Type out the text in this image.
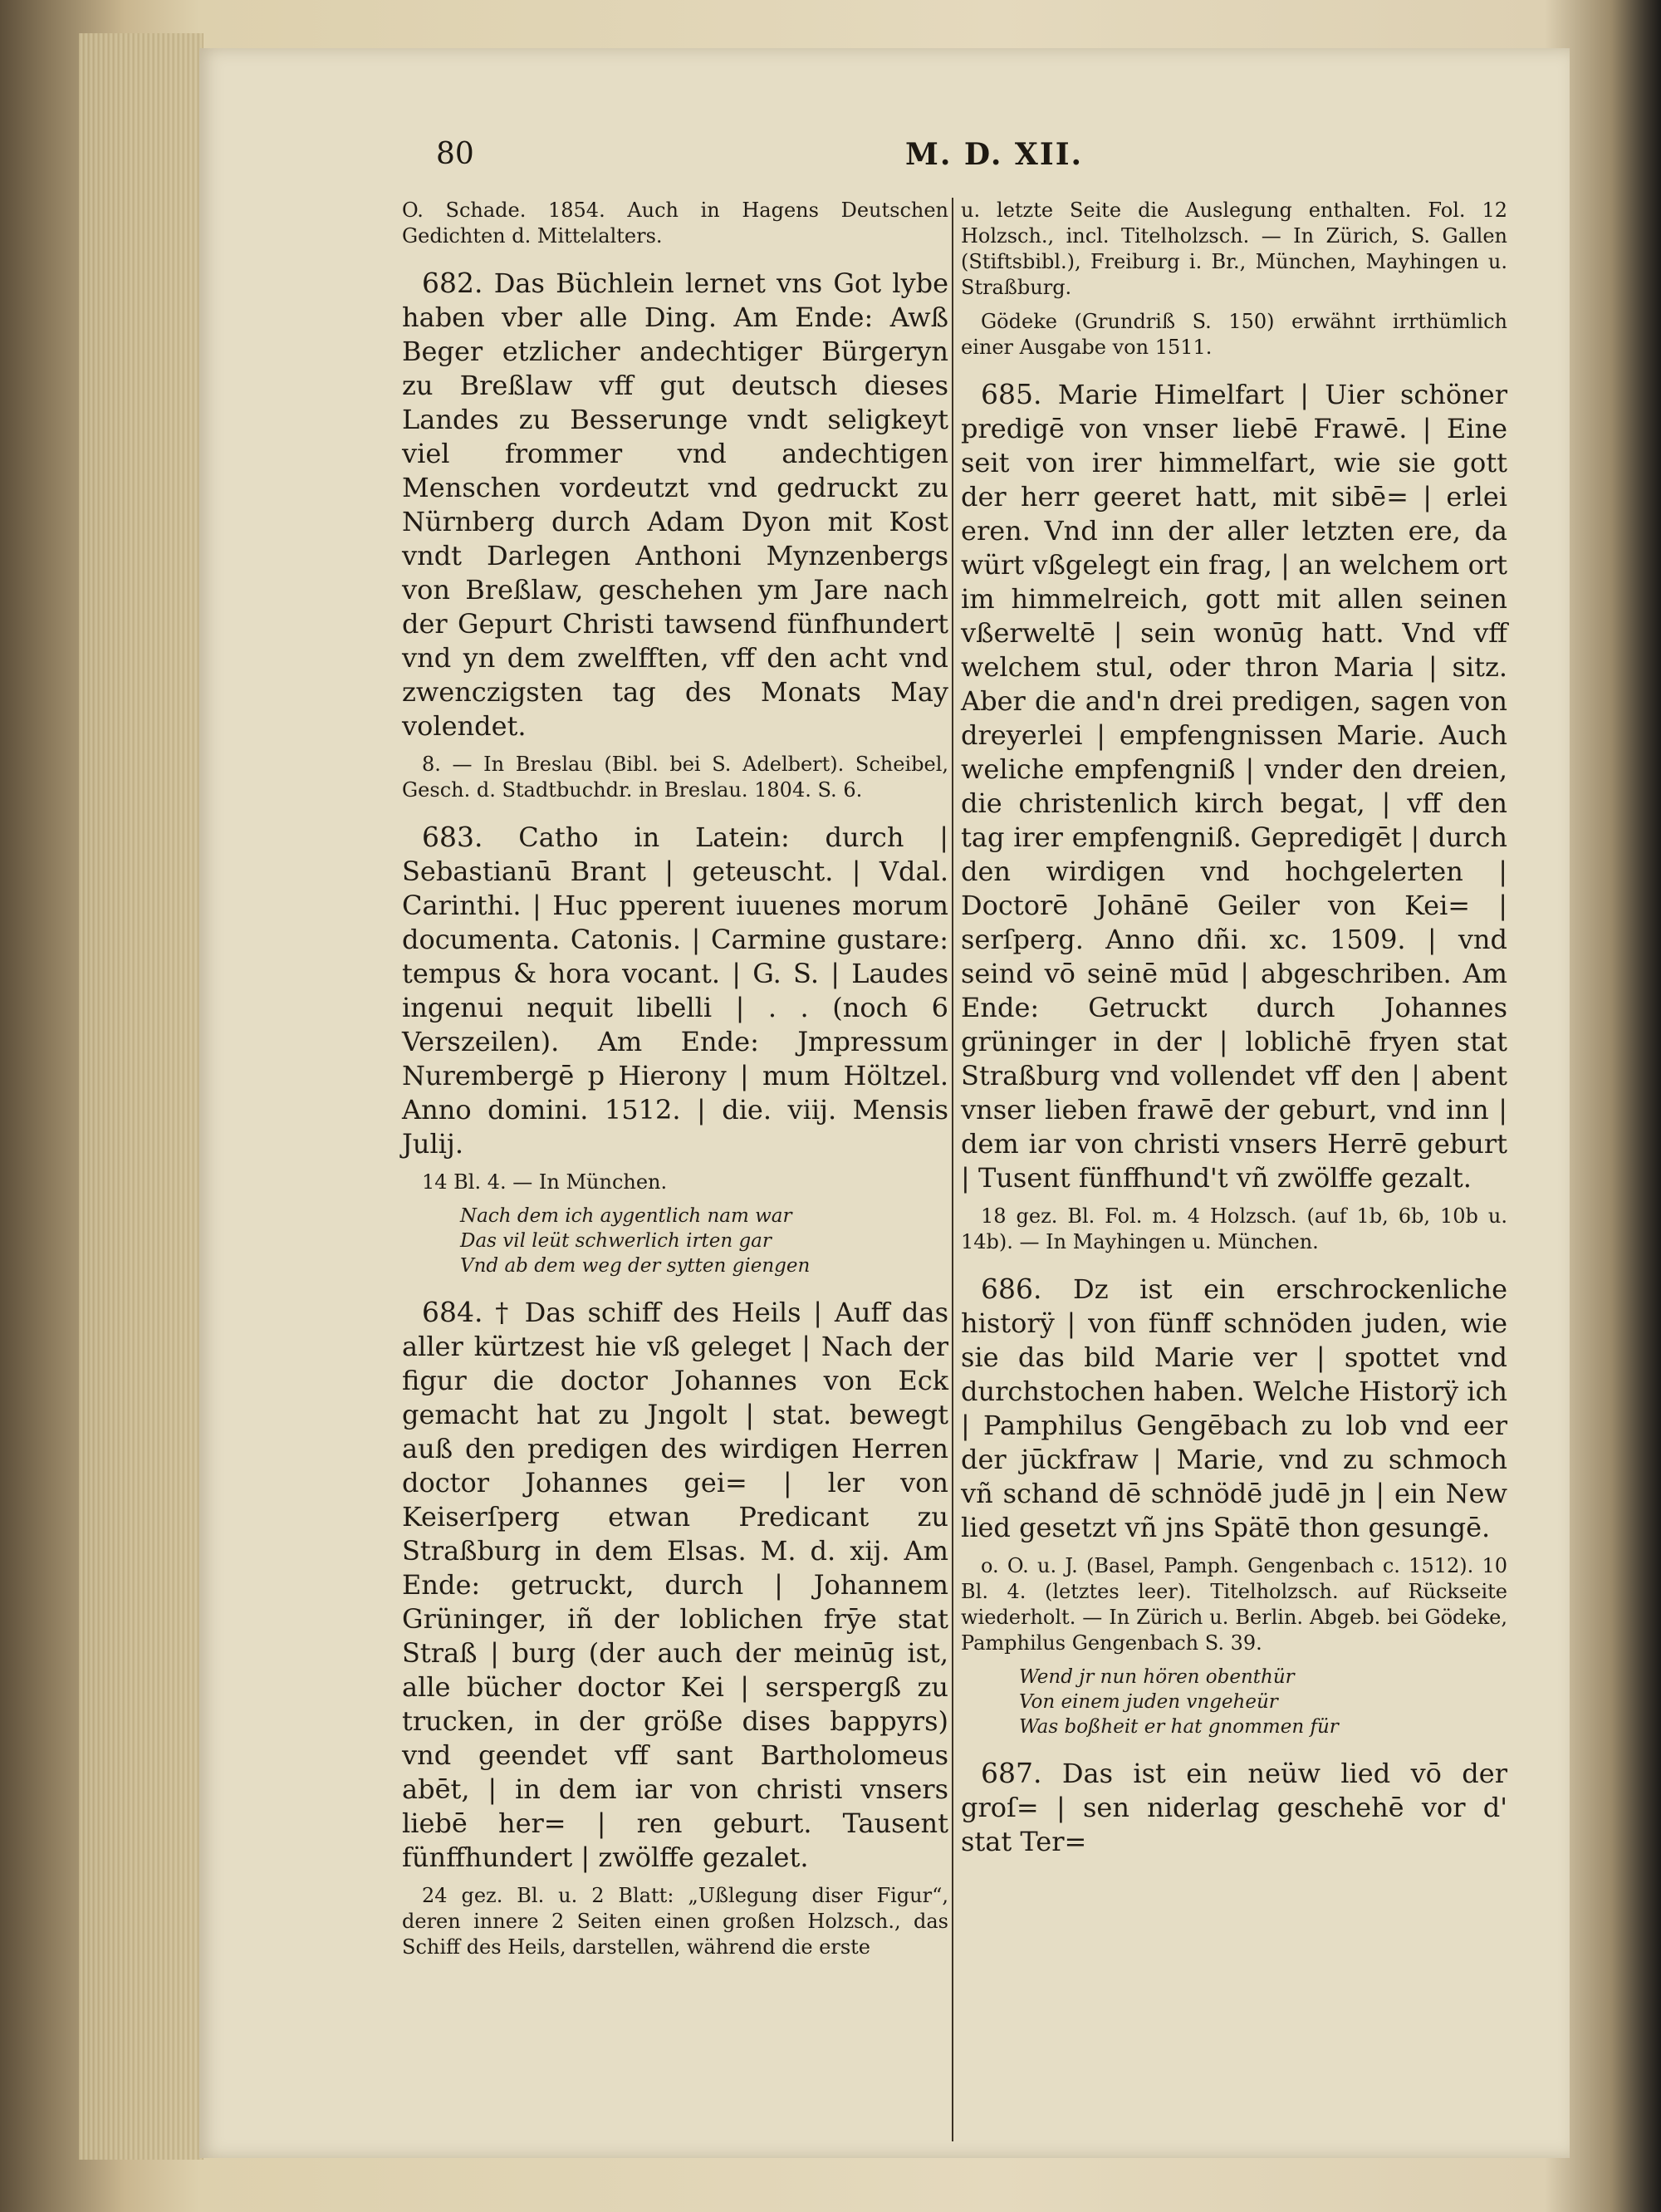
80	M. D. XII.

O. Schade. 1854. Auch in Hagens Deutschen Gedichten d. Mittelalters.

682. Das Büchlein lernet vns Got lybe haben vber alle Ding. Am Ende: Awß Beger etzlicher andechtiger Bürgeryn zu Breßlaw vff gut deutsch dieses Landes zu Besserunge vndt seligkeyt viel frommer vnd andechtigen Menschen vordeutzt vnd gedruckt zu Nürnberg durch Adam Dyon mit Kost vndt Darlegen Anthoni Mynzenbergs von Breßlaw, geschehen ym Jare nach der Gepurt Christi tawsend fünfhundert vnd yn dem zwelfften, vff den acht vnd zwenczigsten tag des Monats May volendet.

8. — In Breslau (Bibl. bei S. Adelbert). Scheibel, Gesch. d. Stadtbuchdr. in Breslau. 1804. S. 6.

683. Catho in Latein: durch | Sebastianū Brant | geteuscht. | Vdal. Carinthi. | Huc pperent iuuenes morum documenta. Catonis. | Carmine gustare: tempus & hora vocant. | G. S. | Laudes ingenui nequit libelli | . . (noch 6 Verszeilen). Am Ende: Jmpressum Nurembergē p Hierony | mum Höltzel. Anno domini. 1512. | die. viij. Mensis Julij.

14 Bl. 4. — In München.

Nach dem ich aygentlich nam war
Das vil leüt schwerlich irten gar
Vnd ab dem weg der sytten giengen

684. † Das schiff des Heils | Auff das aller kürtzest hie vß geleget | Nach der figur die doctor Johannes von Eck gemacht hat zu Jngolt | stat. bewegt auß den predigen des wirdigen Herren doctor Johannes gei= | ler von Keiserſperg etwan Predicant zu Straßburg in dem Elsas. M. d. xij. Am Ende: getruckt, durch | Johannem Grüninger, iñ der loblichen frȳe stat Straß | burg (der auch der meinūg ist, alle bücher doctor Kei | serspergß zu trucken, in der größe dises bappyrs) vnd geendet vff sant Bartholomeus abēt, | in dem iar von christi vnsers liebē her= | ren geburt. Tausent fünffhundert | zwölffe gezalet.

24 gez. Bl. u. 2 Blatt: „Ußlegung diser Figur“, deren innere 2 Seiten einen großen Holzsch., das Schiff des Heils, darstellen, während die erste

u. letzte Seite die Auslegung enthalten. Fol. 12 Holzsch., incl. Titelholzsch. — In Zürich, S. Gallen (Stiftsbibl.), Freiburg i. Br., München, Mayhingen u. Straßburg.

Gödeke (Grundriß S. 150) erwähnt irrthümlich einer Ausgabe von 1511.

685. Marie Himelfart | Uier schöner predigē von vnser liebē Frawē. | Eine seit von irer himmelfart, wie sie gott der herr geeret hatt, mit sibē= | erlei eren. Vnd inn der aller letzten ere, da würt vßgelegt ein frag, | an welchem ort im himmelreich, gott mit allen seinen vßerweltē | sein wonūg hatt. Vnd vff welchem stul, oder thron Maria | sitz. Aber die and'n drei predigen, sagen von dreyerlei | empfengnissen Marie. Auch weliche empfengniß | vnder den dreien, die christenlich kirch begat, | vff den tag irer empfengniß. Gepredigēt | durch den wirdigen vnd hochgelerten | Doctorē Johānē Geiler von Kei= | serſperg. Anno dñi. xc. 1509. | vnd seind vō seinē mūd | abgeschriben. Am Ende: Getruckt durch Johannes grüninger in der | loblichē fryen stat Straßburg vnd vollendet vff den | abent vnser lieben frawē der geburt, vnd inn | dem iar von christi vnsers Herrē geburt | Tusent fünffhund't vñ zwölffe gezalt.

18 gez. Bl. Fol. m. 4 Holzsch. (auf 1b, 6b, 10b u. 14b). — In Mayhingen u. München.

686. Dz ist ein erschrockenliche historÿ | von fünff schnöden juden, wie sie das bild Marie ver | spottet vnd durchstochen haben. Welche Historÿ ich | Pamphilus Gengēbach zu lob vnd eer der jūckfraw | Marie, vnd zu schmoch vñ schand dē schnödē judē jn | ein New lied gesetzt vñ jns Spätē thon gesungē.

o. O. u. J. (Basel, Pamph. Gengenbach c. 1512). 10 Bl. 4. (letztes leer). Titelholzsch. auf Rückseite wiederholt. — In Zürich u. Berlin. Abgeb. bei Gödeke, Pamphilus Gengenbach S. 39.

Wend jr nun hören obenthür
Von einem juden vngeheür
Was boßheit er hat gnommen für

687. Das ist ein neüw lied vō der groſ= | sen niderlag geschehē vor d' stat Ter=
